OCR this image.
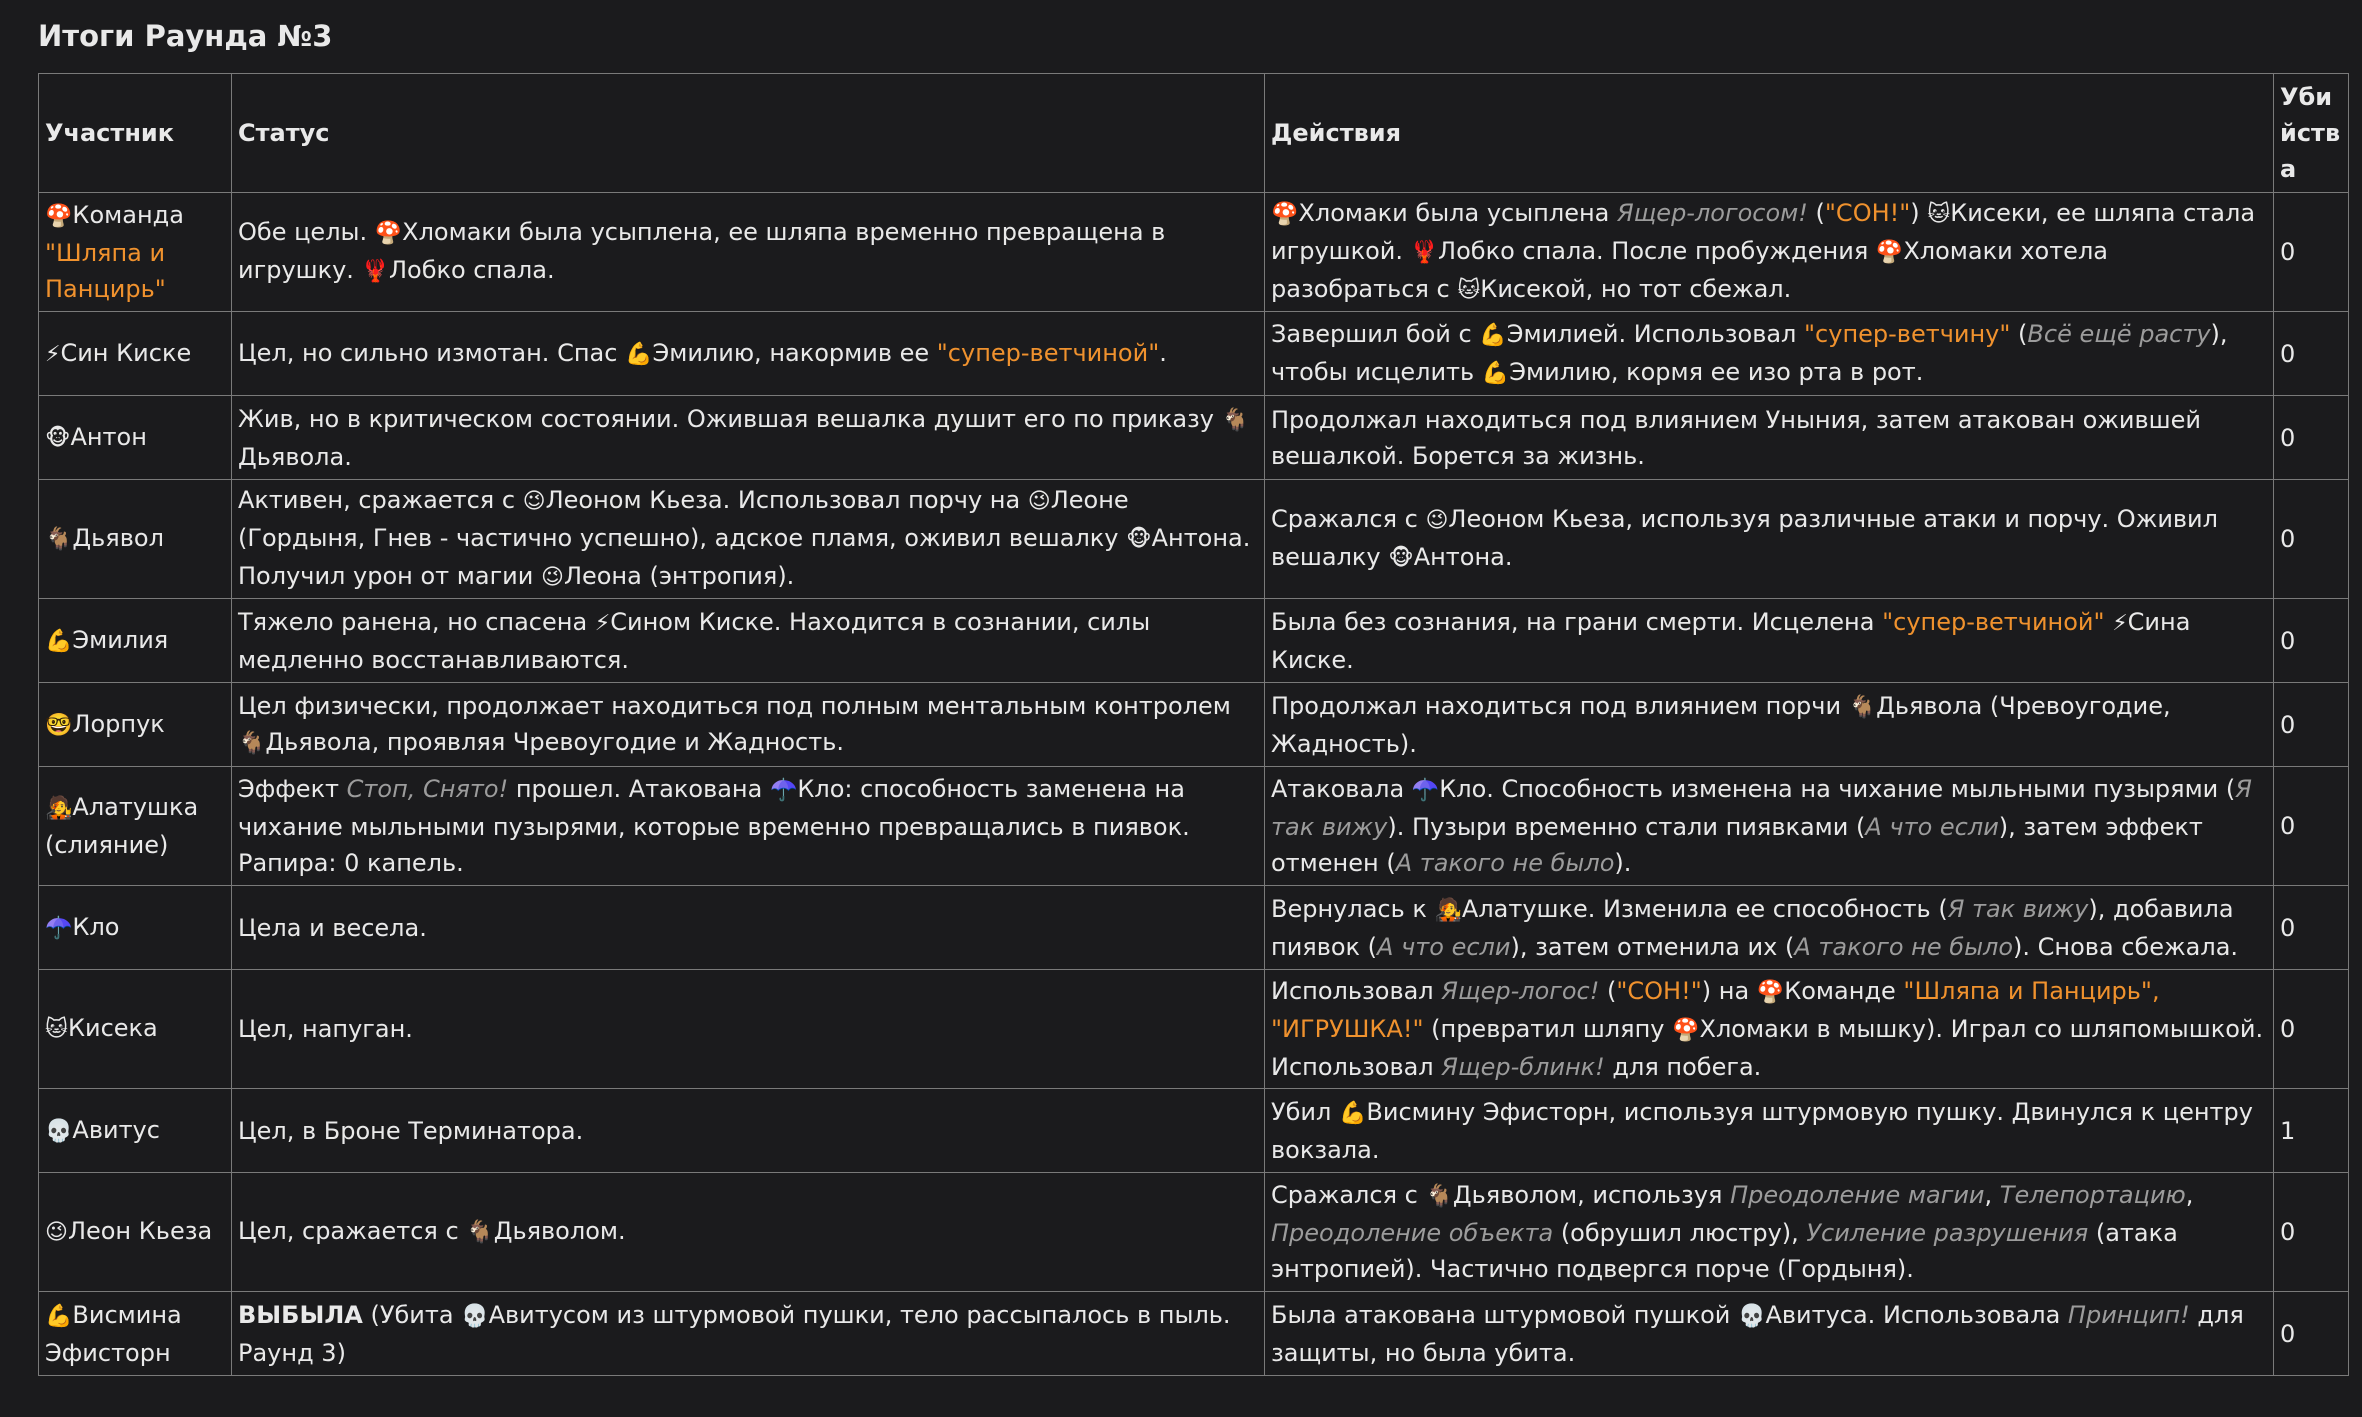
Итоги Раунда №3
Участник	Статус	Действия	Убийства
🍄Команда "Шляпа и Панцирь"	Обе целы. 🍄Хломаки была усыплена, ее шляпа временно превращена в игрушку. 🦞Лобко спала.	🍄Хломаки была усыплена Ящер-логосом! ("СОН!") 🐱Кисеки, ее шляпа стала игрушкой. 🦞Лобко спала. После пробуждения 🍄Хломаки хотела разобраться с 🐱Кисекой, но тот сбежал.	0
⚡Син Киске	Цел, но сильно измотан. Спас 💪Эмилию, накормив ее "супер-ветчиной".	Завершил бой с 💪Эмилией. Использовал "супер-ветчину" (Всё ещё расту), чтобы исцелить 💪Эмилию, кормя ее изо рта в рот.	0
🐵Антон	Жив, но в критическом состоянии. Ожившая вешалка душит его по приказу 🐐Дьявола.	Продолжал находиться под влиянием Уныния, затем атакован ожившей вешалкой. Борется за жизнь.	0
🐐Дьявол	Активен, сражается с 😉Леоном Кьеза. Использовал порчу на 😉Леоне (Гордыня, Гнев - частично успешно), адское пламя, оживил вешалку 🐵Антона. Получил урон от магии 😉Леона (энтропия).	Сражался с 😉Леоном Кьеза, используя различные атаки и порчу. Оживил вешалку 🐵Антона.	0
💪Эмилия	Тяжело ранена, но спасена ⚡Сином Киске. Находится в сознании, силы медленно восстанавливаются.	Была без сознания, на грани смерти. Исцелена "супер-ветчиной" ⚡Сина Киске.	0
🤓Лорпук	Цел физически, продолжает находиться под полным ментальным контролем 🐐Дьявола, проявляя Чревоугодие и Жадность.	Продолжал находиться под влиянием порчи 🐐Дьявола (Чревоугодие, Жадность).	0
🧑‍🎤Алатушка (слияние)	Эффект Стоп, Снято! прошел. Атакована ☂️Кло: способность заменена на чихание мыльными пузырями, которые временно превращались в пиявок. Рапира: 0 капель.	Атаковала ☂️Кло. Способность изменена на чихание мыльными пузырями (Я так вижу). Пузыри временно стали пиявками (А что если), затем эффект отменен (А такого не было).	0
☂️Кло	Цела и весела.	Вернулась к 🧑‍🎤Алатушке. Изменила ее способность (Я так вижу), добавила пиявок (А что если), затем отменила их (А такого не было). Снова сбежала.	0
🐱Кисека	Цел, напуган.	Использовал Ящер-логос! ("СОН!") на 🍄Команде "Шляпа и Панцирь", "ИГРУШКА!" (превратил шляпу 🍄Хломаки в мышку). Играл со шляпомышкой. Использовал Ящер-блинк! для побега.	0
💀Авитус	Цел, в Броне Терминатора.	Убил 💪Висмину Эфисторн, используя штурмовую пушку. Двинулся к центру вокзала.	1
😉Леон Кьеза	Цел, сражается с 🐐Дьяволом.	Сражался с 🐐Дьяволом, используя Преодоление магии, Телепортацию, Преодоление объекта (обрушил люстру), Усиление разрушения (атака энтропией). Частично подвергся порче (Гордыня).	0
💪Висмина Эфисторн	ВЫБЫЛА (Убита 💀Авитусом из штурмовой пушки, тело рассыпалось в пыль. Раунд 3)	Была атакована штурмовой пушкой 💀Авитуса. Использовала Принцип! для защиты, но была убита.	0
